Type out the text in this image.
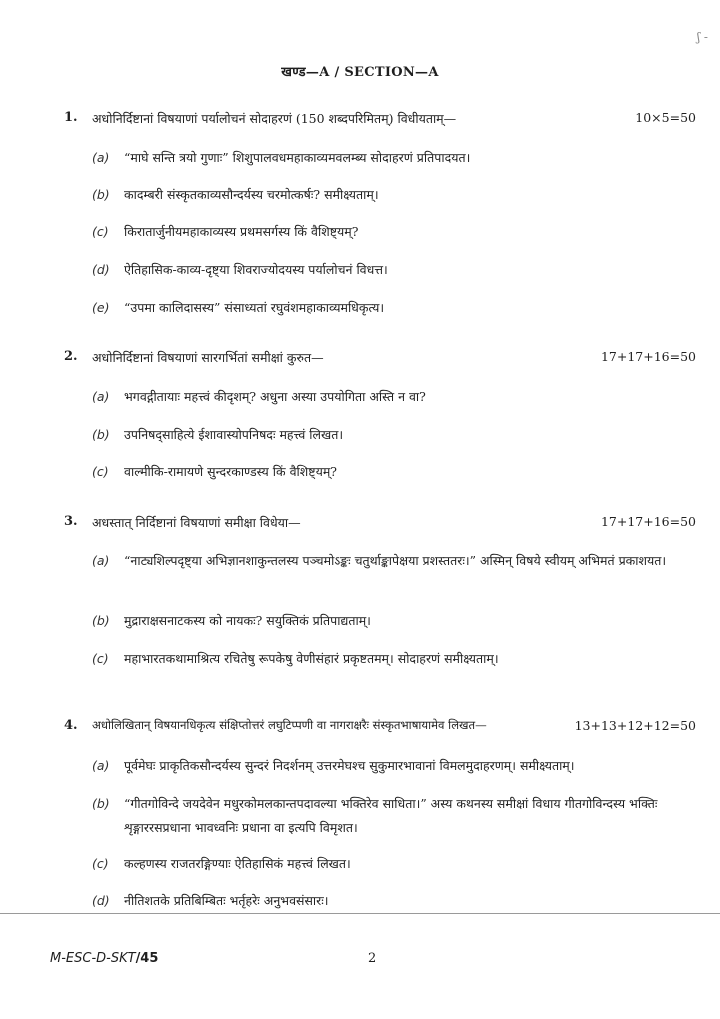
ʃ -
खण्ड—A / SECTION—A
1. अधोनिर्दिष्टानां विषयाणां पर्यालोचनं सोदाहरणं (150 शब्दपरिमितम्) विधीयताम्—	10×5=50
(a) “माघे सन्ति त्रयो गुणाः” शिशुपालवधमहाकाव्यमवलम्ब्य सोदाहरणं प्रतिपादयत।
(b) कादम्बरी संस्कृतकाव्यसौन्दर्यस्य चरमोत्कर्षः? समीक्ष्यताम्।
(c) किरातार्जुनीयमहाकाव्यस्य प्रथमसर्गस्य किं वैशिष्ट्यम्?
(d) ऐतिहासिक-काव्य-दृष्ट्या शिवराज्योदयस्य पर्यालोचनं विधत्त।
(e) “उपमा कालिदासस्य” संसाध्यतां रघुवंशमहाकाव्यमधिकृत्य।
2. अधोनिर्दिष्टानां विषयाणां सारगर्भितां समीक्षां कुरुत—	17+17+16=50
(a) भगवद्गीतायाः महत्त्वं कीदृशम्? अधुना अस्या उपयोगिता अस्ति न वा?
(b) उपनिषद्साहित्ये ईशावास्योपनिषदः महत्त्वं लिखत।
(c) वाल्मीकि-रामायणे सुन्दरकाण्डस्य किं वैशिष्ट्यम्?
3. अधस्तात् निर्दिष्टानां विषयाणां समीक्षा विधेया—	17+17+16=50
(a) “नाट्यशिल्पदृष्ट्या अभिज्ञानशाकुन्तलस्य पञ्चमोऽङ्कः चतुर्थाङ्कापेक्षया प्रशस्ततरः।” अस्मिन् विषये स्वीयम् अभिमतं प्रकाशयत।
(b) मुद्राराक्षसनाटकस्य को नायकः? सयुक्तिकं प्रतिपाद्यताम्।
(c) महाभारतकथामाश्रित्य रचितेषु रूपकेषु वेणीसंहारं प्रकृष्टतमम्। सोदाहरणं समीक्ष्यताम्।
4. अधोलिखितान् विषयानधिकृत्य संक्षिप्तोत्तरं लघुटिप्पणी वा नागराक्षरैः संस्कृतभाषायामेव लिखत—	13+13+12+12=50
(a) पूर्वमेघः प्राकृतिकसौन्दर्यस्य सुन्दरं निदर्शनम् उत्तरमेघश्च सुकुमारभावानां विमलमुदाहरणम्। समीक्ष्यताम्।
(b) “गीतगोविन्दे जयदेवेन मधुरकोमलकान्तपदावल्या भक्तिरेव साधिता।” अस्य कथनस्य समीक्षां विधाय गीतगोविन्दस्य भक्तिः शृङ्गाररसप्रधाना भावध्वनिः प्रधाना वा इत्यपि विमृशत।
(c) कल्हणस्य राजतरङ्गिण्याः ऐतिहासिकं महत्त्वं लिखत।
(d) नीतिशतके प्रतिबिम्बितः भर्तृहरेः अनुभवसंसारः।
M-ESC-D-SKT/45	2
